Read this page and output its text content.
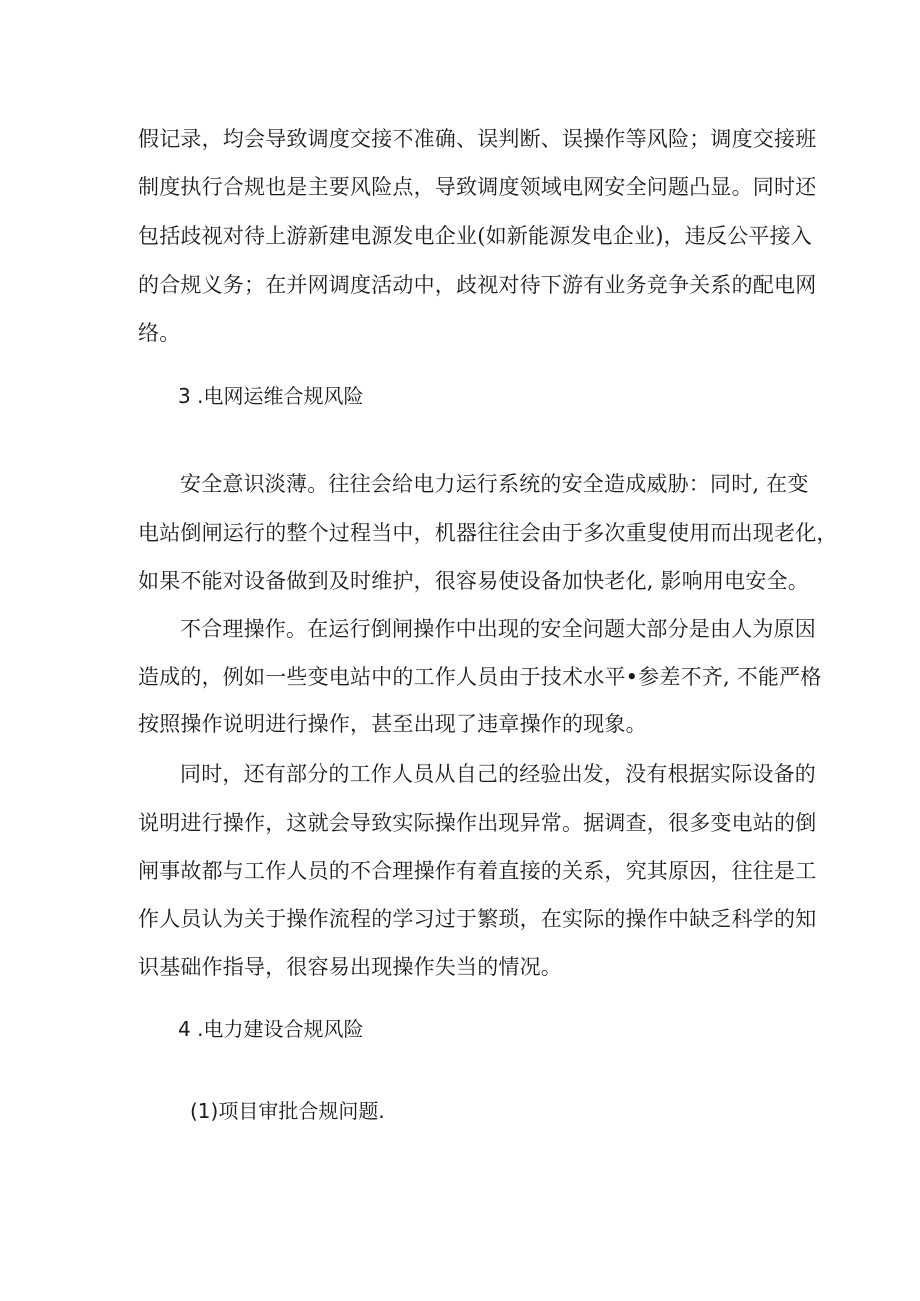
假记录，均会导致调度交接不准确、误判断、误操作等风险；调度交接班
制度执行合规也是主要风险点，导致调度领域电网安全问题凸显。同时还
包括歧视对待上游新建电源发电企业(如新能源发电企业)，违反公平接入
的合规义务；在并网调度活动中，歧视对待下游有业务竞争关系的配电网
络。
3 .电网运维合规风险
安全意识淡薄。往往会给电力运行系统的安全造成威胁：同时, 在变
电站倒闸运行的整个过程当中，机器往往会由于多次重叟使用而出现老化，
如果不能对设备做到及时维护，很容易使设备加快老化, 影响用电安全。
不合理操作。在运行倒闸操作中出现的安全问题大部分是由人为原因
造成的，例如一些变电站中的工作人员由于技术水平•参差不齐, 不能严格
按照操作说明进行操作，甚至出现了违章操作的现象。
同时，还有部分的工作人员从自己的经验出发，没有根据实际设备的
说明进行操作，这就会导致实际操作出现异常。据调查，很多变电站的倒
闸事故都与工作人员的不合理操作有着直接的关系，究其原因，往往是工
作人员认为关于操作流程的学习过于繁琐，在实际的操作中缺乏科学的知
识基础作指导，很容易出现操作失当的情况。
4 .电力建设合规风险
(1)项目审批合规问题.
